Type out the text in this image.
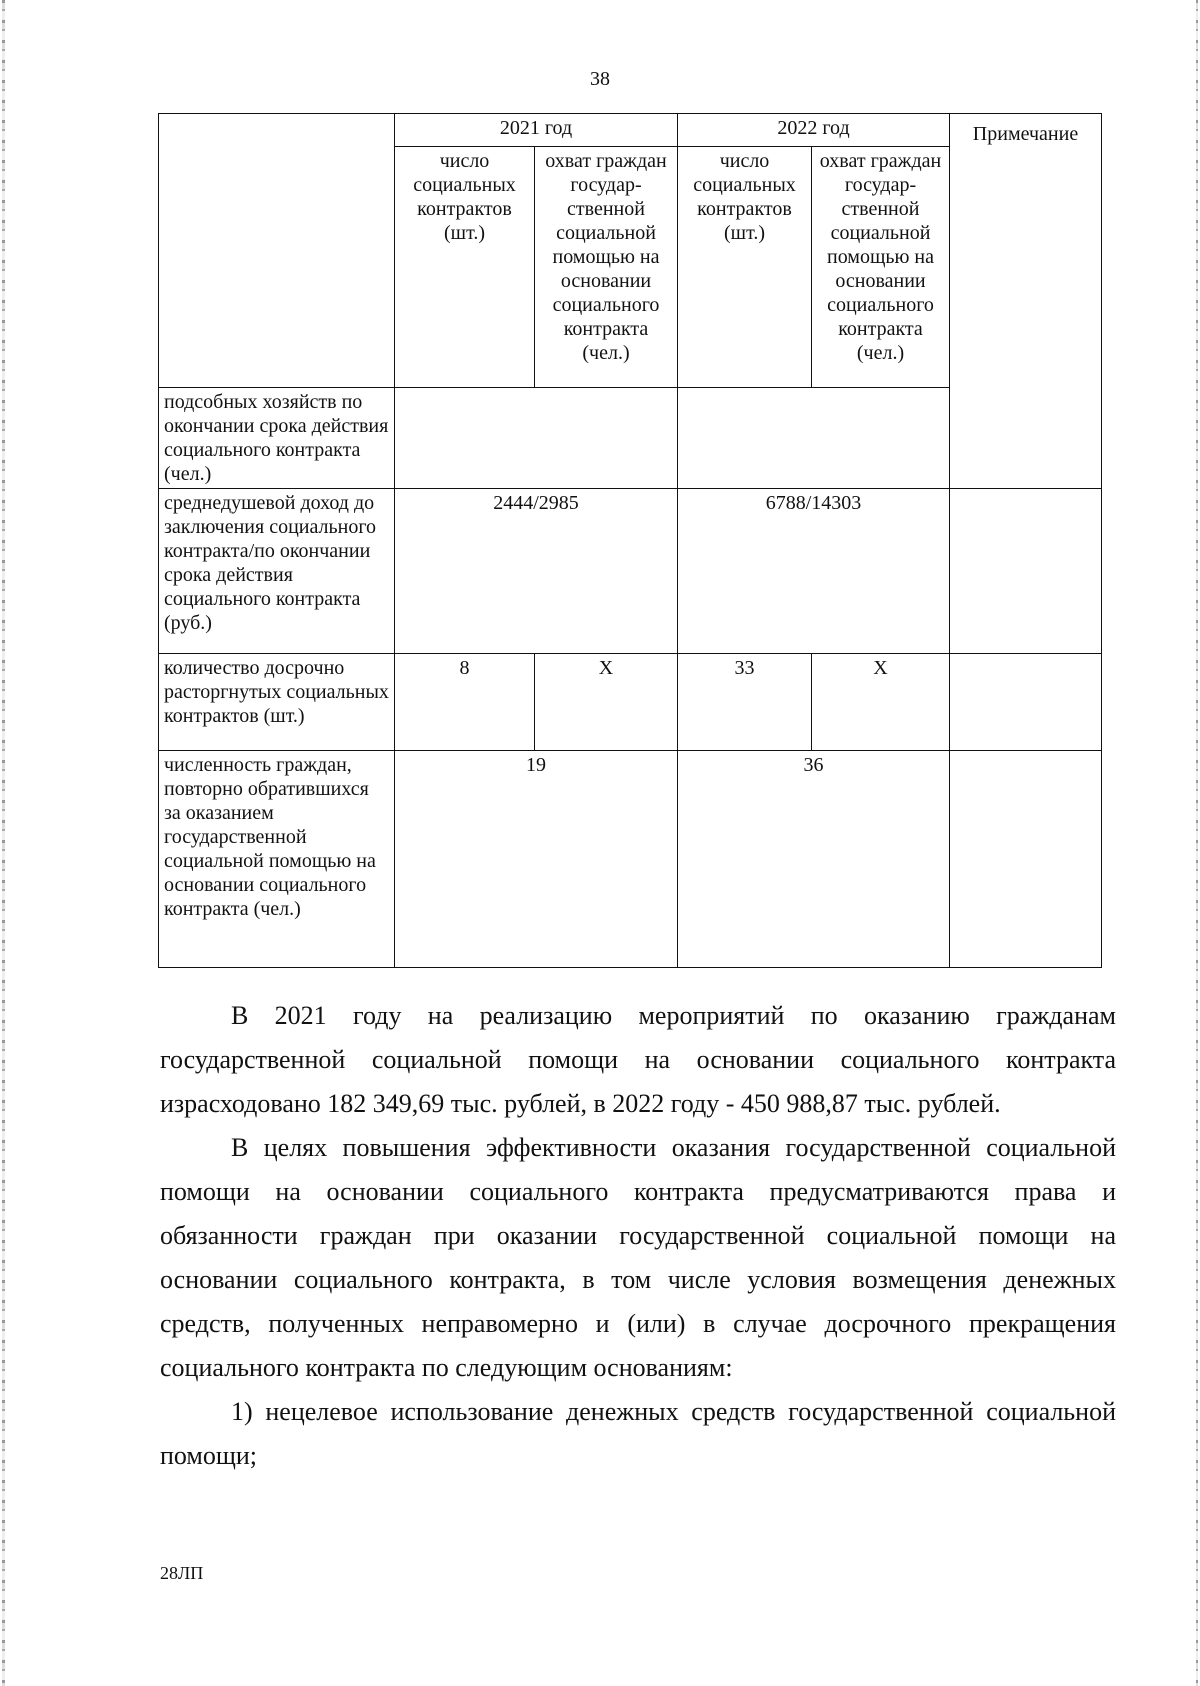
38
	2021 год		2022 год		Примечание
	число социальных контрактов (шт.)	охват граждан государ-ственной социальной помощью на основании социального контракта (чел.)	число социальных контрактов (шт.)	охват граждан государ-ственной социальной помощью на основании социального контракта (чел.)	
подсобных хозяйств по окончании срока действия социального контракта (чел.)					
среднедушевой доход до заключения социального контракта/по окончании срока действия социального контракта (руб.)	2444/2985		6788/14303		
количество досрочно расторгнутых социальных контрактов (шт.)	8	Х	33	Х	
численность граждан, повторно обратившихся за оказанием государственной социальной помощью на основании социального контракта (чел.)	19		36		

В 2021 году на реализацию мероприятий по оказанию гражданам государственной социальной помощи на основании социального контракта израсходовано 182 349,69 тыс. рублей, в 2022 году - 450 988,87 тыс. рублей.

В целях повышения эффективности оказания государственной социальной помощи на основании социального контракта предусматриваются права и обязанности граждан при оказании государственной социальной помощи на основании социального контракта, в том числе условия возмещения денежных средств, полученных неправомерно и (или) в случае досрочного прекращения социального контракта по следующим основаниям:

1) нецелевое использование денежных средств государственной социальной помощи;

28ЛП
